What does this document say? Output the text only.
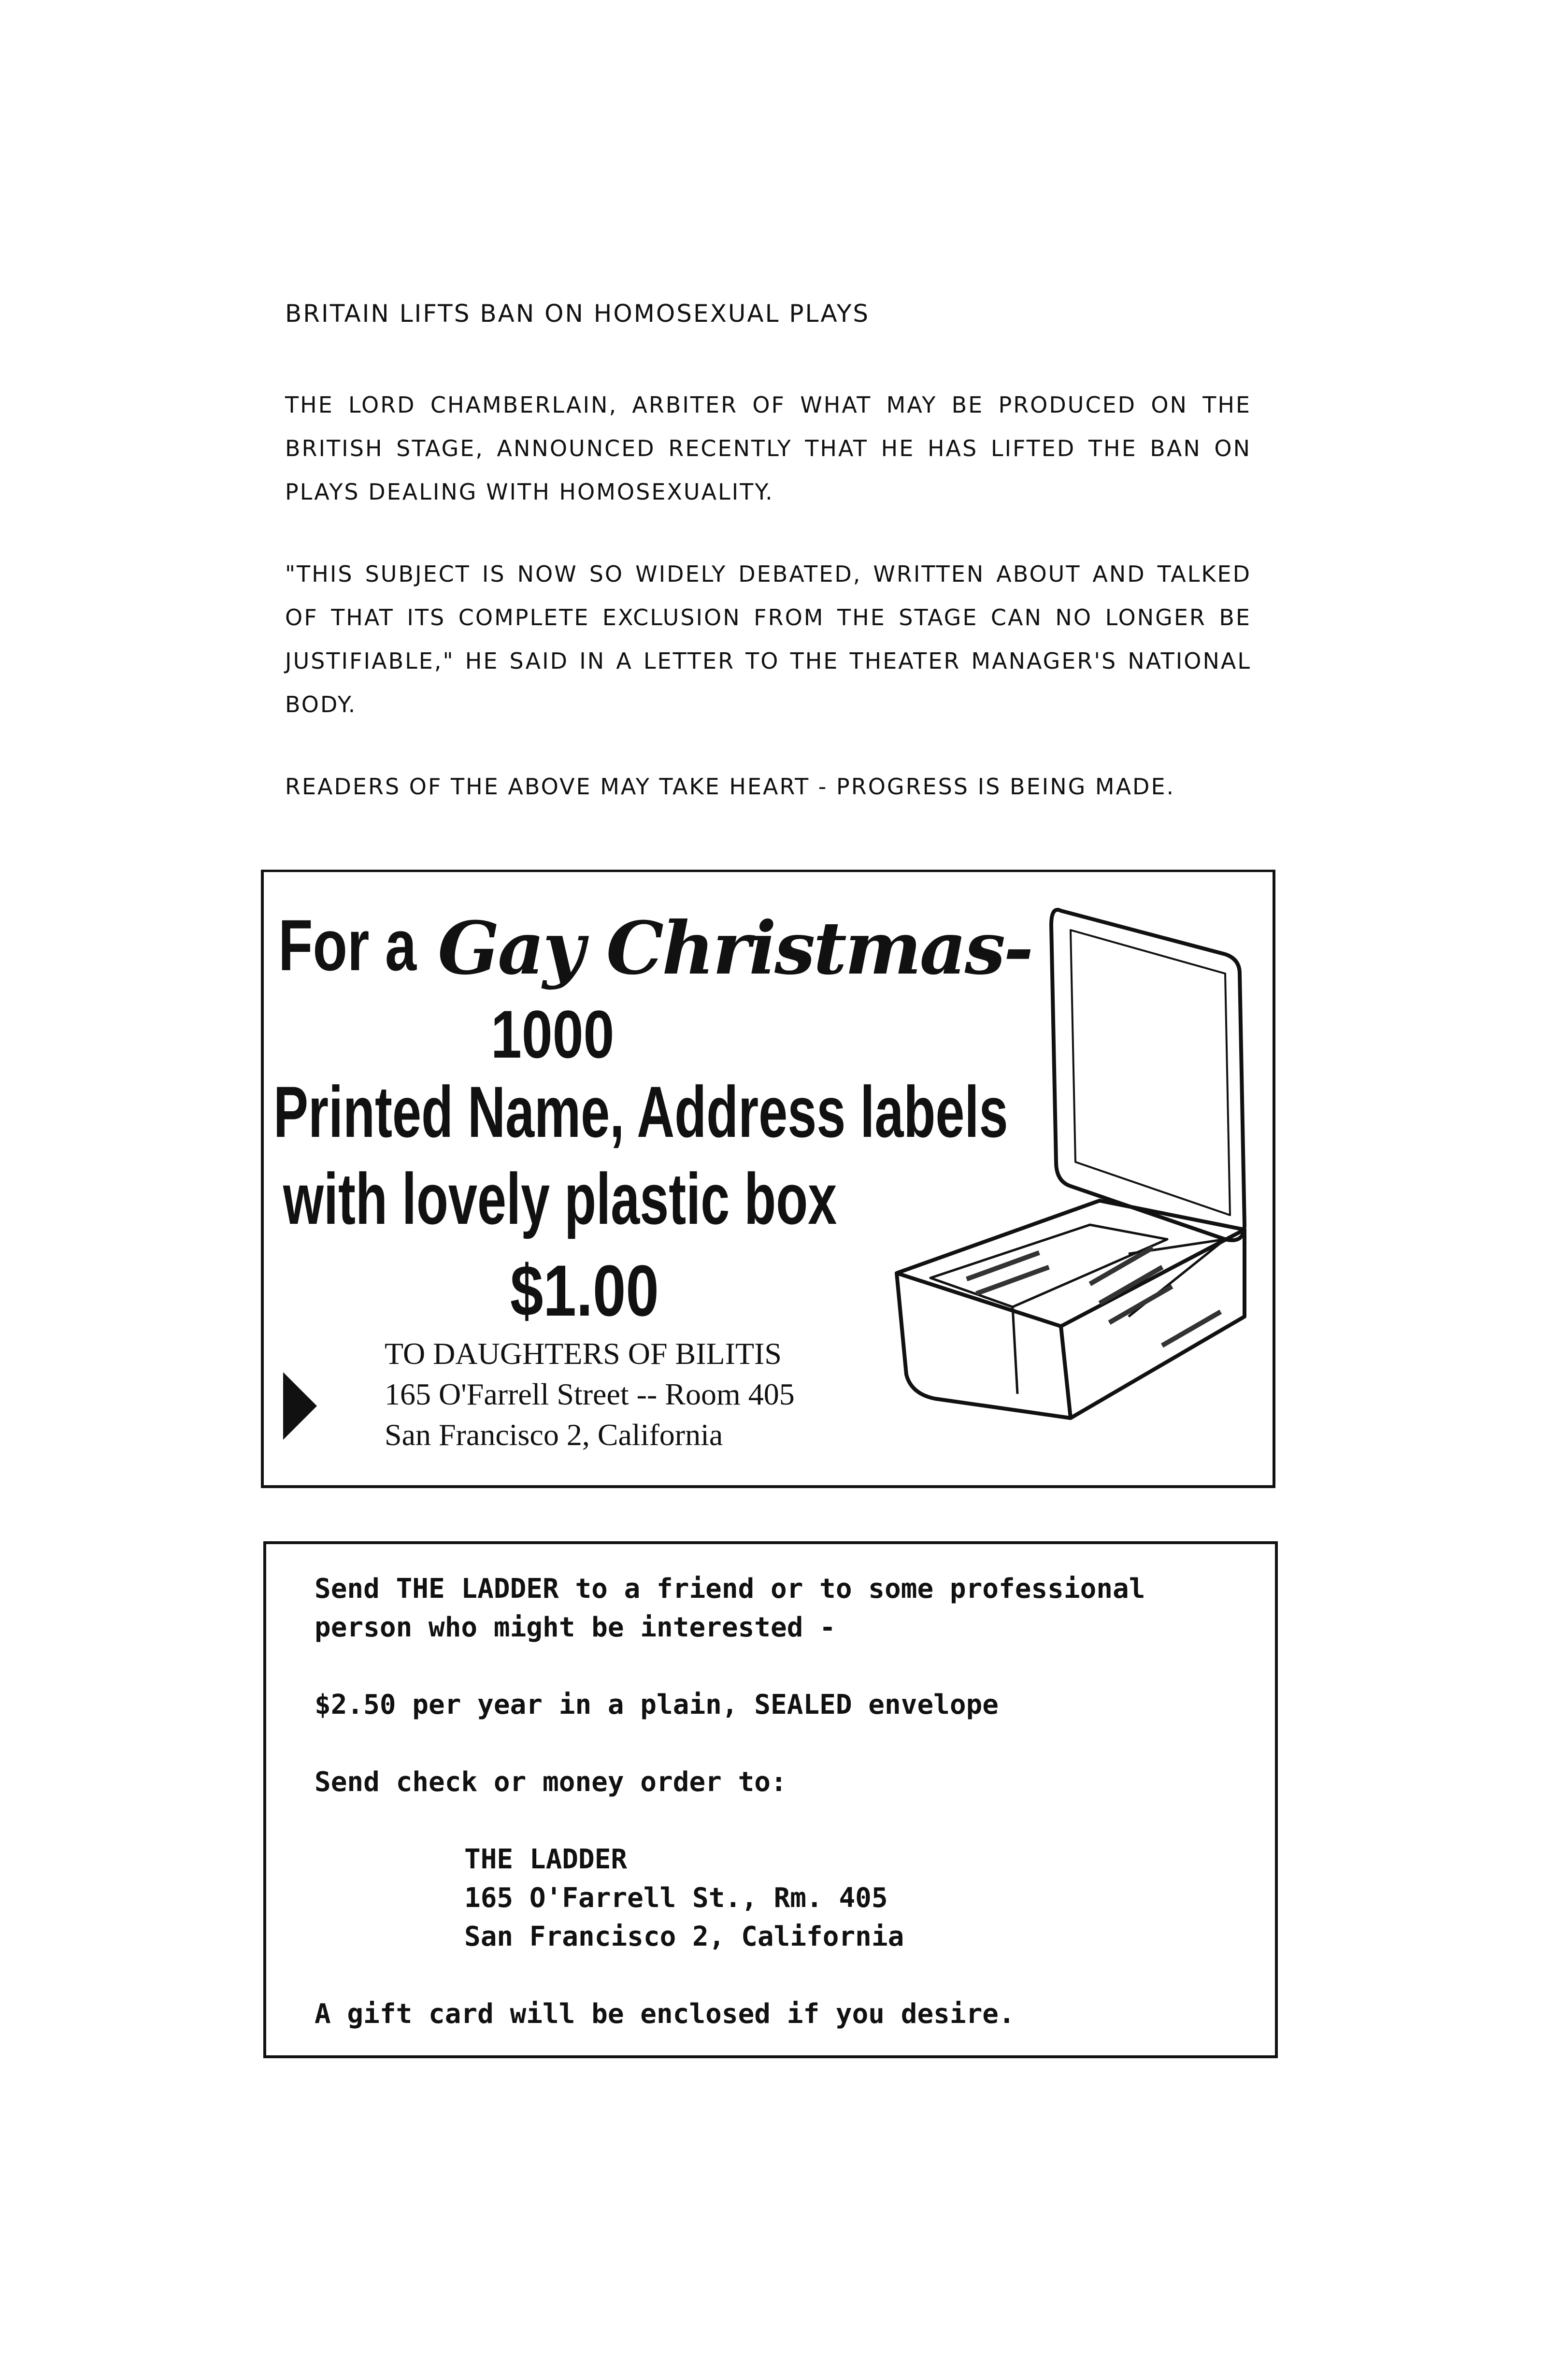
BRITAIN LIFTS BAN ON HOMOSEXUAL PLAYS

THE LORD CHAMBERLAIN, ARBITER OF WHAT MAY BE PRODUCED ON THE BRITISH STAGE, ANNOUNCED RECENTLY THAT HE HAS LIFTED THE BAN ON PLAYS DEALING WITH HOMOSEXUALITY.

"THIS SUBJECT IS NOW SO WIDELY DEBATED, WRITTEN ABOUT AND TALKED OF THAT ITS COMPLETE EXCLUSION FROM THE STAGE CAN NO LONGER BE JUSTIFIABLE," HE SAID IN A LETTER TO THE THEATER MANAGER'S NATIONAL BODY.

READERS OF THE ABOVE MAY TAKE HEART - PROGRESS IS BEING MADE.

For a Gay Christmas-
1000
Printed Name, Address labels
with lovely plastic box
$1.00
TO DAUGHTERS OF BILITIS
165 O'Farrell Street -- Room 405
San Francisco 2, California
Send THE LADDER to a friend or to some professional
person who might be interested -
$2.50 per year in a plain, SEALED envelope
Send check or money order to:
THE LADDER
165 O'Farrell St., Rm. 405
San Francisco 2, California
A gift card will be enclosed if you desire.
